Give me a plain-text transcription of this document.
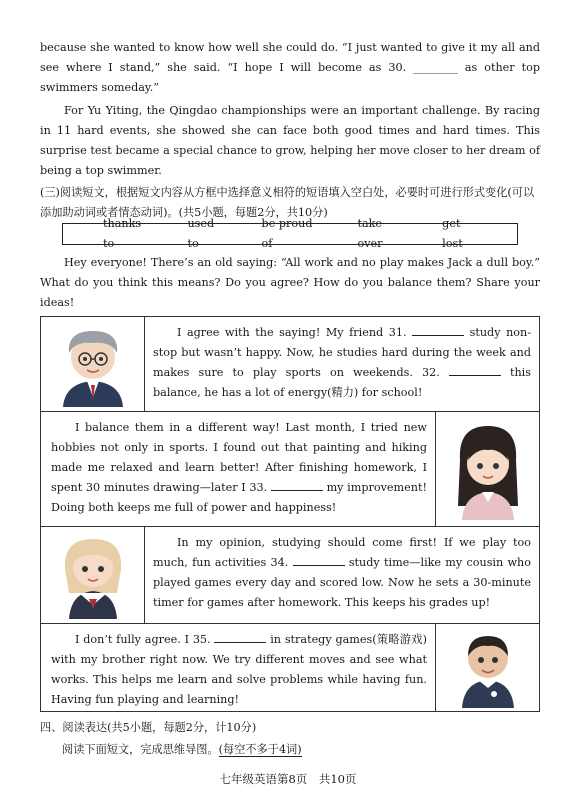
because she wanted to know how well she could do. “I just wanted to give it my all and see where I stand,” she said. “I hope I will become as 30. ________ as other top swimmers someday.”
For Yu Yiting, the Qingdao championships were an important challenge. By racing in 11 hard events, she showed she can face both good times and hard times. This surprise test became a special chance to grow, helping her move closer to her dream of being a top swimmer.
(三)阅读短文，根据短文内容从方框中选择意义相符的短语填入空白处，必要时可进行形式变化(可以添加助动词或者情态动词)。(共5小题，每题2分，共10分)
thanks to
used to
be proud of
take over
get lost
Hey everyone! There’s an old saying: “All work and no play makes Jack a dull boy.” What do you think this means? Do you agree? How do you balance them? Share your ideas!
I agree with the saying! My friend 31.	study non-stop but wasn’t happy. Now, he studies hard during the week and makes sure to play sports on weekends. 32.	this balance, he has a lot of energy(精力) for school!
I balance them in a different way! Last month, I tried new hobbies not only in sports. I found out that painting and hiking made me relaxed and learn better! After finishing homework, I spent 30 minutes drawing—later I 33.	my improvement! Doing both keeps me full of power and happiness!
In my opinion, studying should come first! If we play too much, fun activities 34.	study time—like my cousin who played games every day and scored low. Now he sets a 30-minute timer for games after homework. This keeps his grades up!
I don’t fully agree. I 35.	in strategy games(策略游戏) with my brother right now. We try different moves and see what works. This helps me learn and solve problems while having fun. Having fun playing and learning!
四、阅读表达(共5小题，每题2分，计10分)
阅读下面短文，完成思维导图。(每空不多于4词)
七年级英语第8页　共10页
